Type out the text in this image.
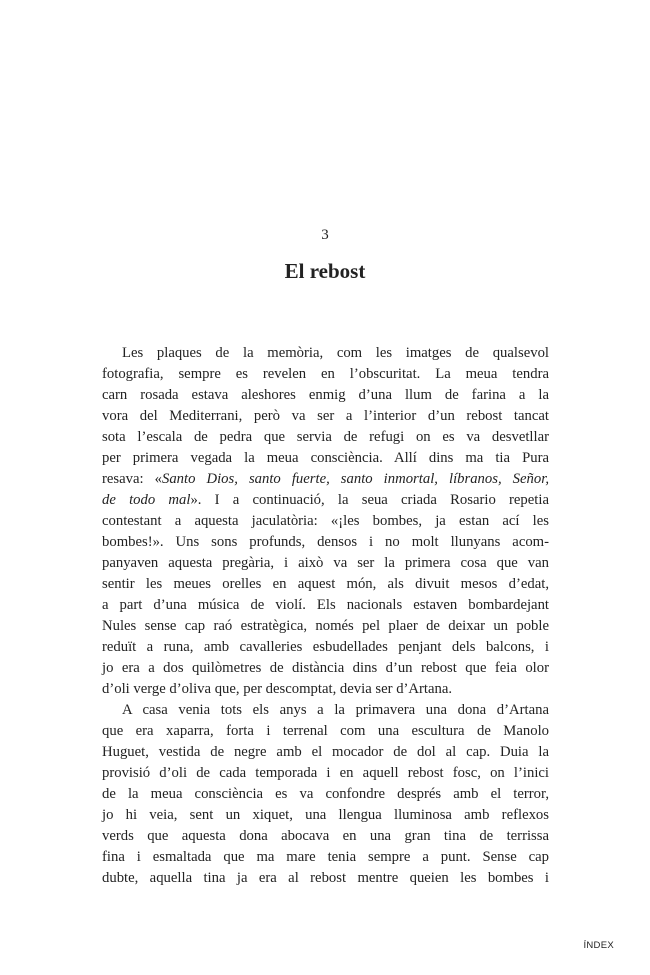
3
El rebost
Les plaques de la memòria, com les imatges de qualsevol
fotografia, sempre es revelen en l’obscuritat. La meua tendra
carn rosada estava aleshores enmig d’una llum de farina a la
vora del Mediterrani, però va ser a l’interior d’un rebost tancat
sota l’escala de pedra que servia de refugi on es va desvetllar
per primera vegada la meua consciència. Allí dins ma tia Pura
resava: «Santo Dios, santo fuerte, santo inmortal, líbranos, Señor,
de todo mal». I a continuació, la seua criada Rosario repetia
contestant a aquesta jaculatòria: «¡les bombes, ja estan ací les
bombes!». Uns sons profunds, densos i no molt llunyans acom-
panyaven aquesta pregària, i això va ser la primera cosa que van
sentir les meues orelles en aquest món, als divuit mesos d’edat,
a part d’una música de violí. Els nacionals estaven bombardejant
Nules sense cap raó estratègica, només pel plaer de deixar un poble
reduït a runa, amb cavalleries esbudellades penjant dels balcons, i
jo era a dos quilòmetres de distància dins d’un rebost que feia olor
d’oli verge d’oliva que, per descomptat, devia ser d’Artana.
A casa venia tots els anys a la primavera una dona d’Artana
que era xaparra, forta i terrenal com una escultura de Manolo
Huguet, vestida de negre amb el mocador de dol al cap. Duia la
provisió d’oli de cada temporada i en aquell rebost fosc, on l’inici
de la meua consciència es va confondre després amb el terror,
jo hi veia, sent un xiquet, una llengua lluminosa amb reflexos
verds que aquesta dona abocava en una gran tina de terrissa
fina i esmaltada que ma mare tenia sempre a punt. Sense cap
dubte, aquella tina ja era al rebost mentre queien les bombes i
ÍNDEX
